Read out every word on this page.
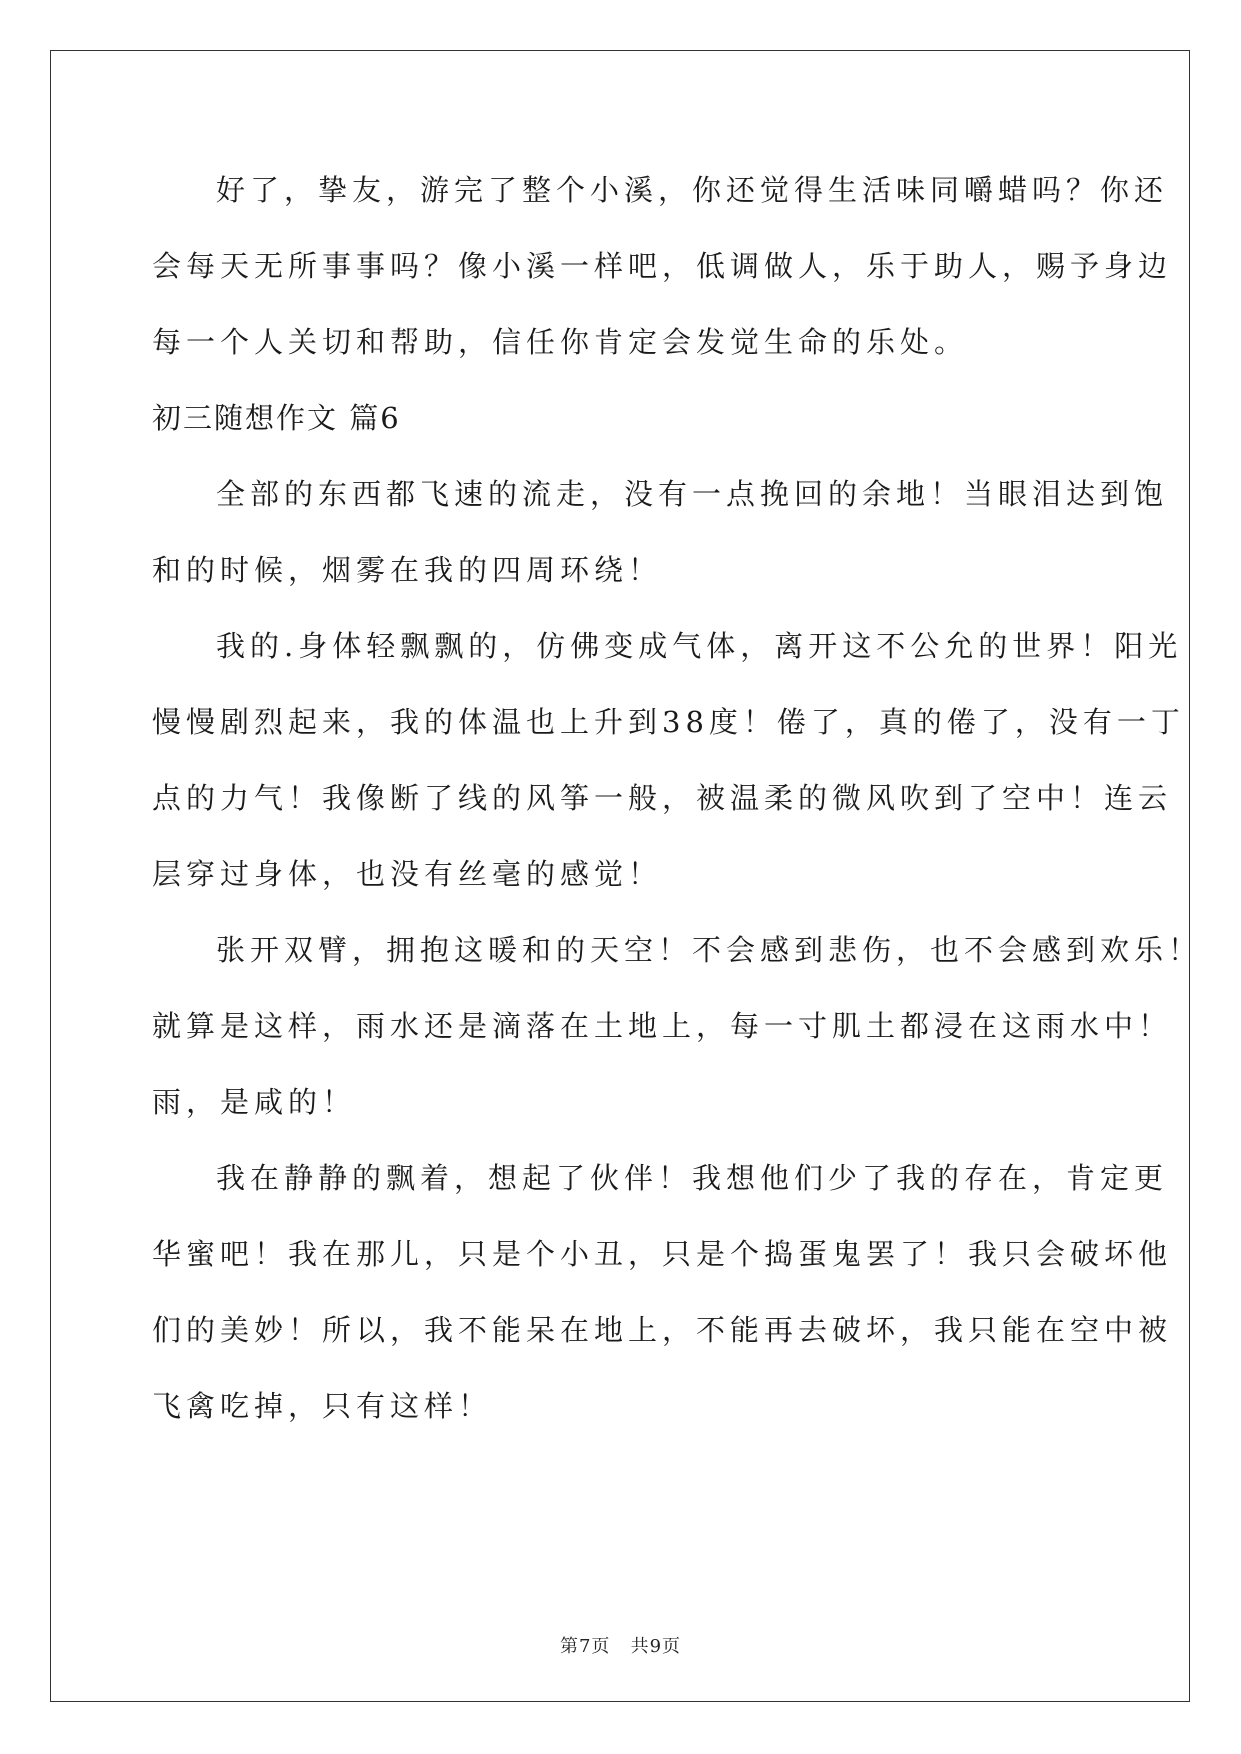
好了，挚友，游完了整个小溪，你还觉得生活味同嚼蜡吗？你还
会每天无所事事吗？像小溪一样吧，低调做人，乐于助人，赐予身边
每一个人关切和帮助，信任你肯定会发觉生命的乐处。
初三随想作文 篇6
全部的东西都飞速的流走，没有一点挽回的余地！当眼泪达到饱
和的时候，烟雾在我的四周环绕！
我的.身体轻飘飘的，仿佛变成气体，离开这不公允的世界！阳光
慢慢剧烈起来，我的体温也上升到38度！倦了，真的倦了，没有一丁
点的力气！我像断了线的风筝一般，被温柔的微风吹到了空中！连云
层穿过身体，也没有丝毫的感觉！
张开双臂，拥抱这暖和的天空！不会感到悲伤，也不会感到欢乐！
就算是这样，雨水还是滴落在土地上，每一寸肌土都浸在这雨水中！
雨，是咸的！
我在静静的飘着，想起了伙伴！我想他们少了我的存在，肯定更
华蜜吧！我在那儿，只是个小丑，只是个捣蛋鬼罢了！我只会破坏他
们的美妙！所以，我不能呆在地上，不能再去破坏，我只能在空中被
飞禽吃掉，只有这样！
第7页   共9页
